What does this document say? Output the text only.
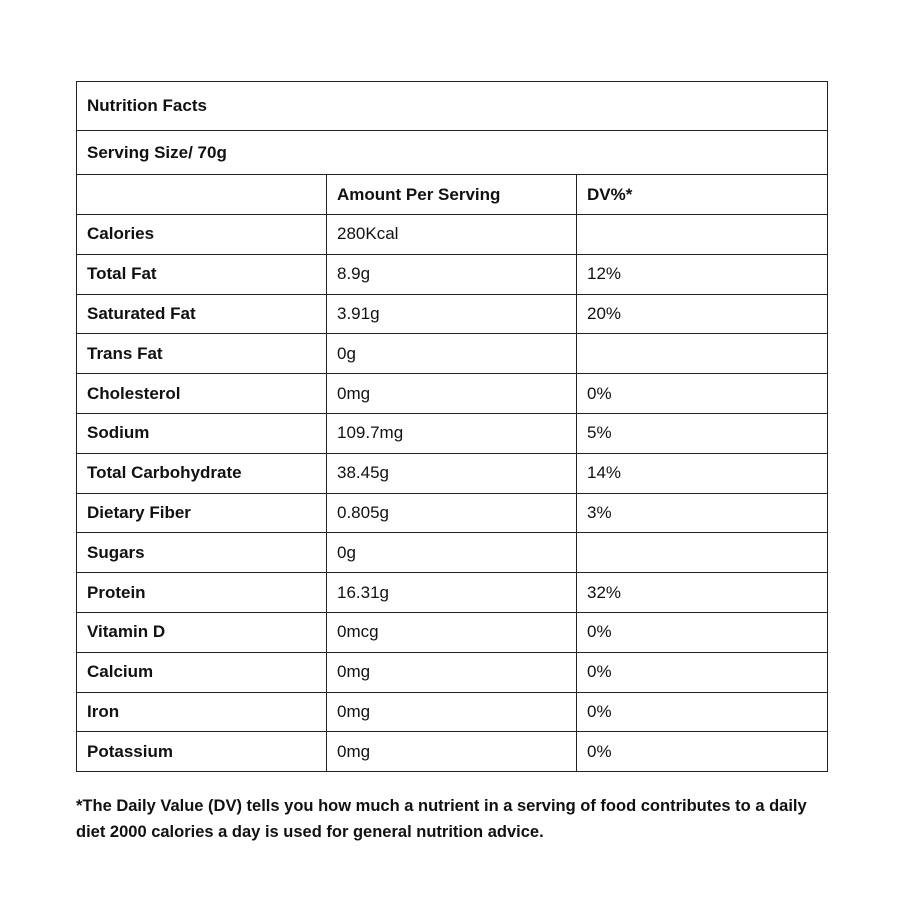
Nutrition Facts		
Serving Size/ 70g		
	Amount Per Serving	DV%*
Calories	280Kcal	
Total Fat	8.9g	12%
Saturated Fat	3.91g	20%
Trans Fat	0g	
Cholesterol	0mg	0%
Sodium	109.7mg	5%
Total Carbohydrate	38.45g	14%
Dietary Fiber	0.805g	3%
Sugars	0g	
Protein	16.31g	32%
Vitamin D	0mcg	0%
Calcium	0mg	0%
Iron	0mg	0%
Potassium	0mg	0%
*The Daily Value (DV) tells you how much a nutrient in a serving of food contributes to a daily diet 2000 calories a day is used for general nutrition advice.
